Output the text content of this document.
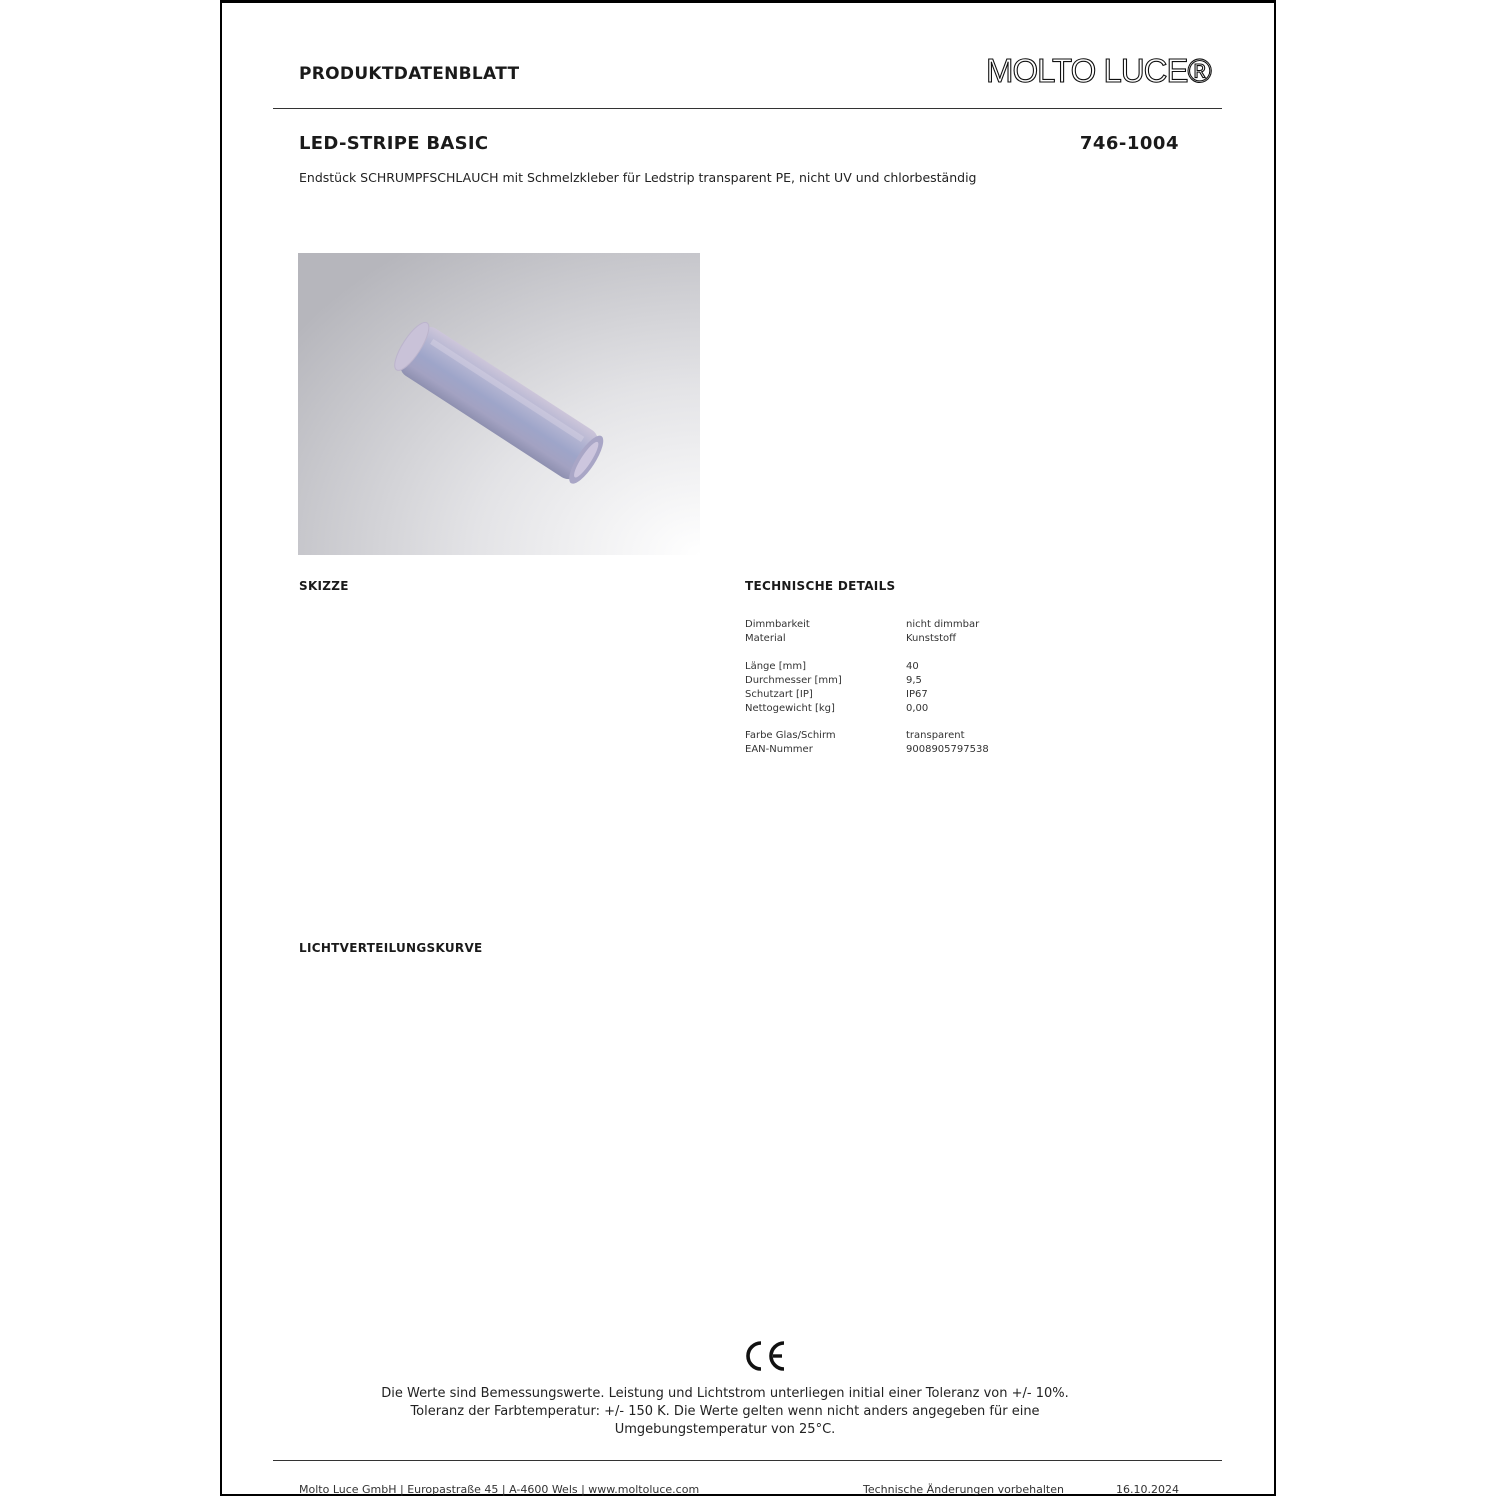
PRODUKTDATENBLATT	MOLTO LUCE®
LED-STRIPE BASIC	746-1004
Endstück SCHRUMPFSCHLAUCH mit Schmelzkleber für Ledstrip transparent PE, nicht UV und chlorbeständig
SKIZZE	TECHNISCHE DETAILS
Dimmbarkeit	nicht dimmbar
Material	Kunststoff
Länge [mm]	40
Durchmesser [mm]	9,5
Schutzart [IP]	IP67
Nettogewicht [kg]	0,00
Farbe Glas/Schirm	transparent
EAN-Nummer	9008905797538
LICHTVERTEILUNGSKURVE
Die Werte sind Bemessungswerte. Leistung und Lichtstrom unterliegen initial einer Toleranz von +/- 10%.
Toleranz der Farbtemperatur: +/- 150 K. Die Werte gelten wenn nicht anders angegeben für eine
Umgebungstemperatur von 25°C.
Molto Luce GmbH | Europastraße 45 | A-4600 Wels | www.moltoluce.com	Technische Änderungen vorbehalten	16.10.2024
